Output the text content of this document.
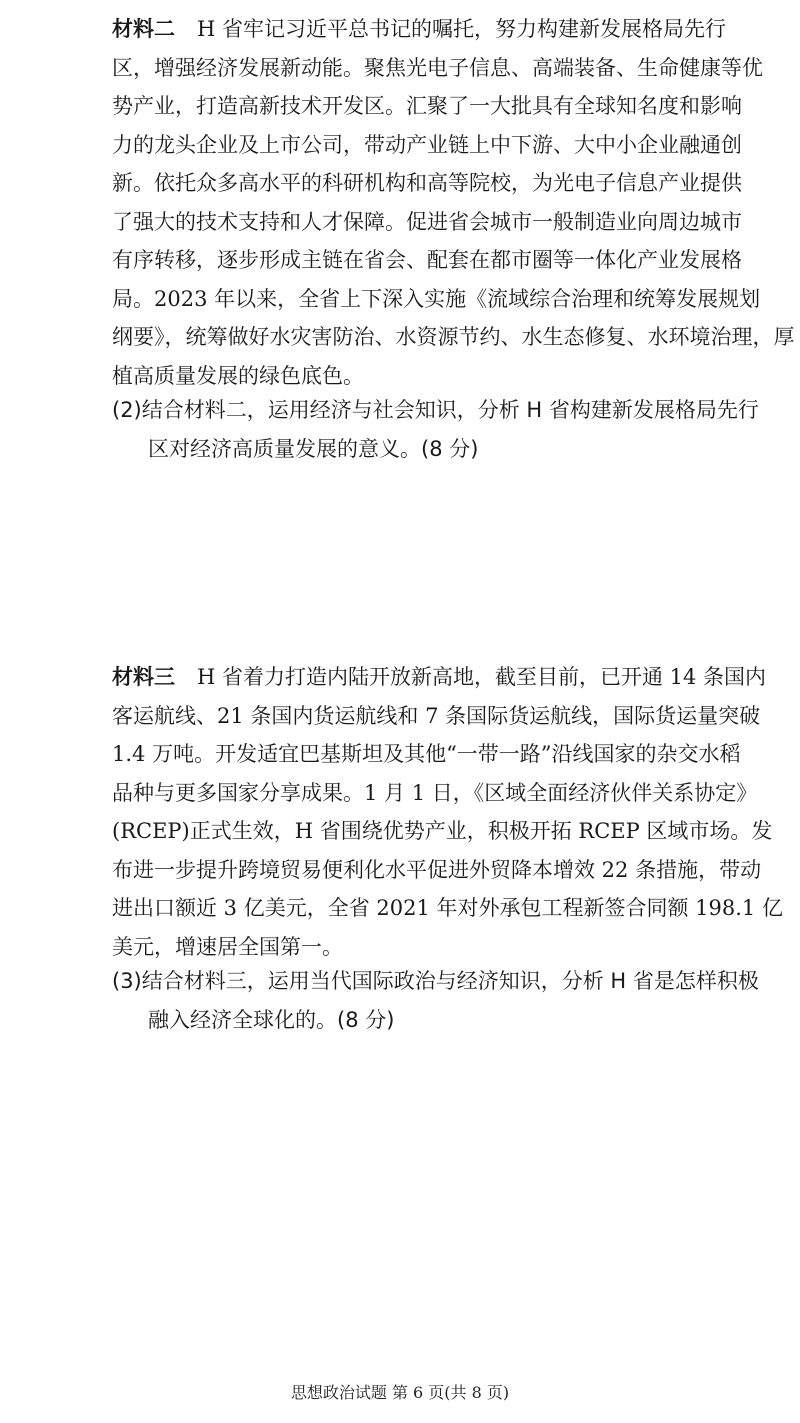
材料二 H 省牢记习近平总书记的嘱托，努力构建新发展格局先行
区，增强经济发展新动能。聚焦光电子信息、高端装备、生命健康等优
势产业，打造高新技术开发区。汇聚了一大批具有全球知名度和影响
力的龙头企业及上市公司，带动产业链上中下游、大中小企业融通创
新。依托众多高水平的科研机构和高等院校，为光电子信息产业提供
了强大的技术支持和人才保障。促进省会城市一般制造业向周边城市
有序转移，逐步形成主链在省会、配套在都市圈等一体化产业发展格
局。2023 年以来，全省上下深入实施《流域综合治理和统筹发展规划
纲要》，统筹做好水灾害防治、水资源节约、水生态修复、水环境治理，厚
植高质量发展的绿色底色。
(2)结合材料二，运用经济与社会知识，分析 H 省构建新发展格局先行
区对经济高质量发展的意义。(8 分)
材料三 H 省着力打造内陆开放新高地，截至目前，已开通 14 条国内
客运航线、21 条国内货运航线和 7 条国际货运航线，国际货运量突破
1.4 万吨。开发适宜巴基斯坦及其他“一带一路”沿线国家的杂交水稻
品种与更多国家分享成果。1 月 1 日，《区域全面经济伙伴关系协定》
(RCEP)正式生效，H 省围绕优势产业，积极开拓 RCEP 区域市场。发
布进一步提升跨境贸易便利化水平促进外贸降本增效 22 条措施，带动
进出口额近 3 亿美元，全省 2021 年对外承包工程新签合同额 198.1 亿
美元，增速居全国第一。
(3)结合材料三，运用当代国际政治与经济知识，分析 H 省是怎样积极
融入经济全球化的。(8 分)
思想政治试题 第 6 页(共 8 页)
